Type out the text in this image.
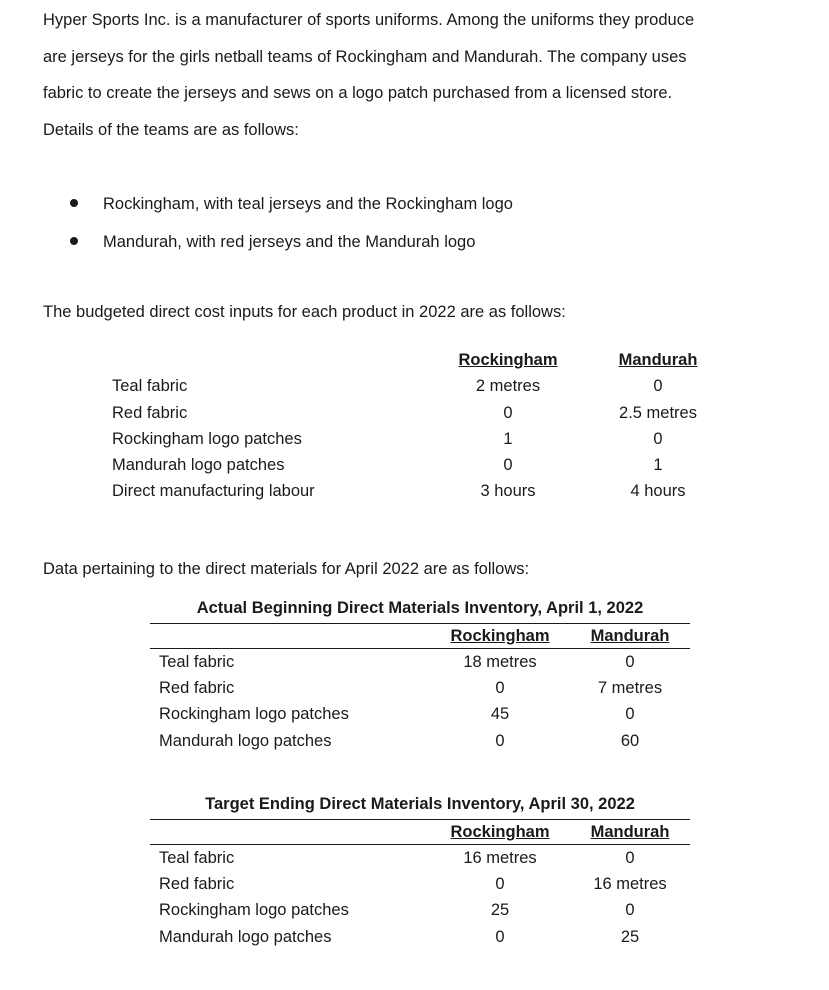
Hyper Sports Inc. is a manufacturer of sports uniforms. Among the uniforms they produce
are jerseys for the girls netball teams of Rockingham and Mandurah. The company uses
fabric to create the jerseys and sews on a logo patch purchased from a licensed store.
Details of the teams are as follows:
Rockingham, with teal jerseys and the Rockingham logo
Mandurah, with red jerseys and the Mandurah logo
The budgeted direct cost inputs for each product in 2022 are as follows:
Rockingham	Mandurah
Teal fabric	2 metres	0
Red fabric	0	2.5 metres
Rockingham logo patches	1	0
Mandurah logo patches	0	1
Direct manufacturing labour	3 hours	4 hours
Data pertaining to the direct materials for April 2022 are as follows:
Actual Beginning Direct Materials Inventory, April 1, 2022
Rockingham	Mandurah
Teal fabric	18 metres	0
Red fabric	0	7 metres
Rockingham logo patches	45	0
Mandurah logo patches	0	60
Target Ending Direct Materials Inventory, April 30, 2022
Rockingham	Mandurah
Teal fabric	16 metres	0
Red fabric	0	16 metres
Rockingham logo patches	25	0
Mandurah logo patches	0	25
